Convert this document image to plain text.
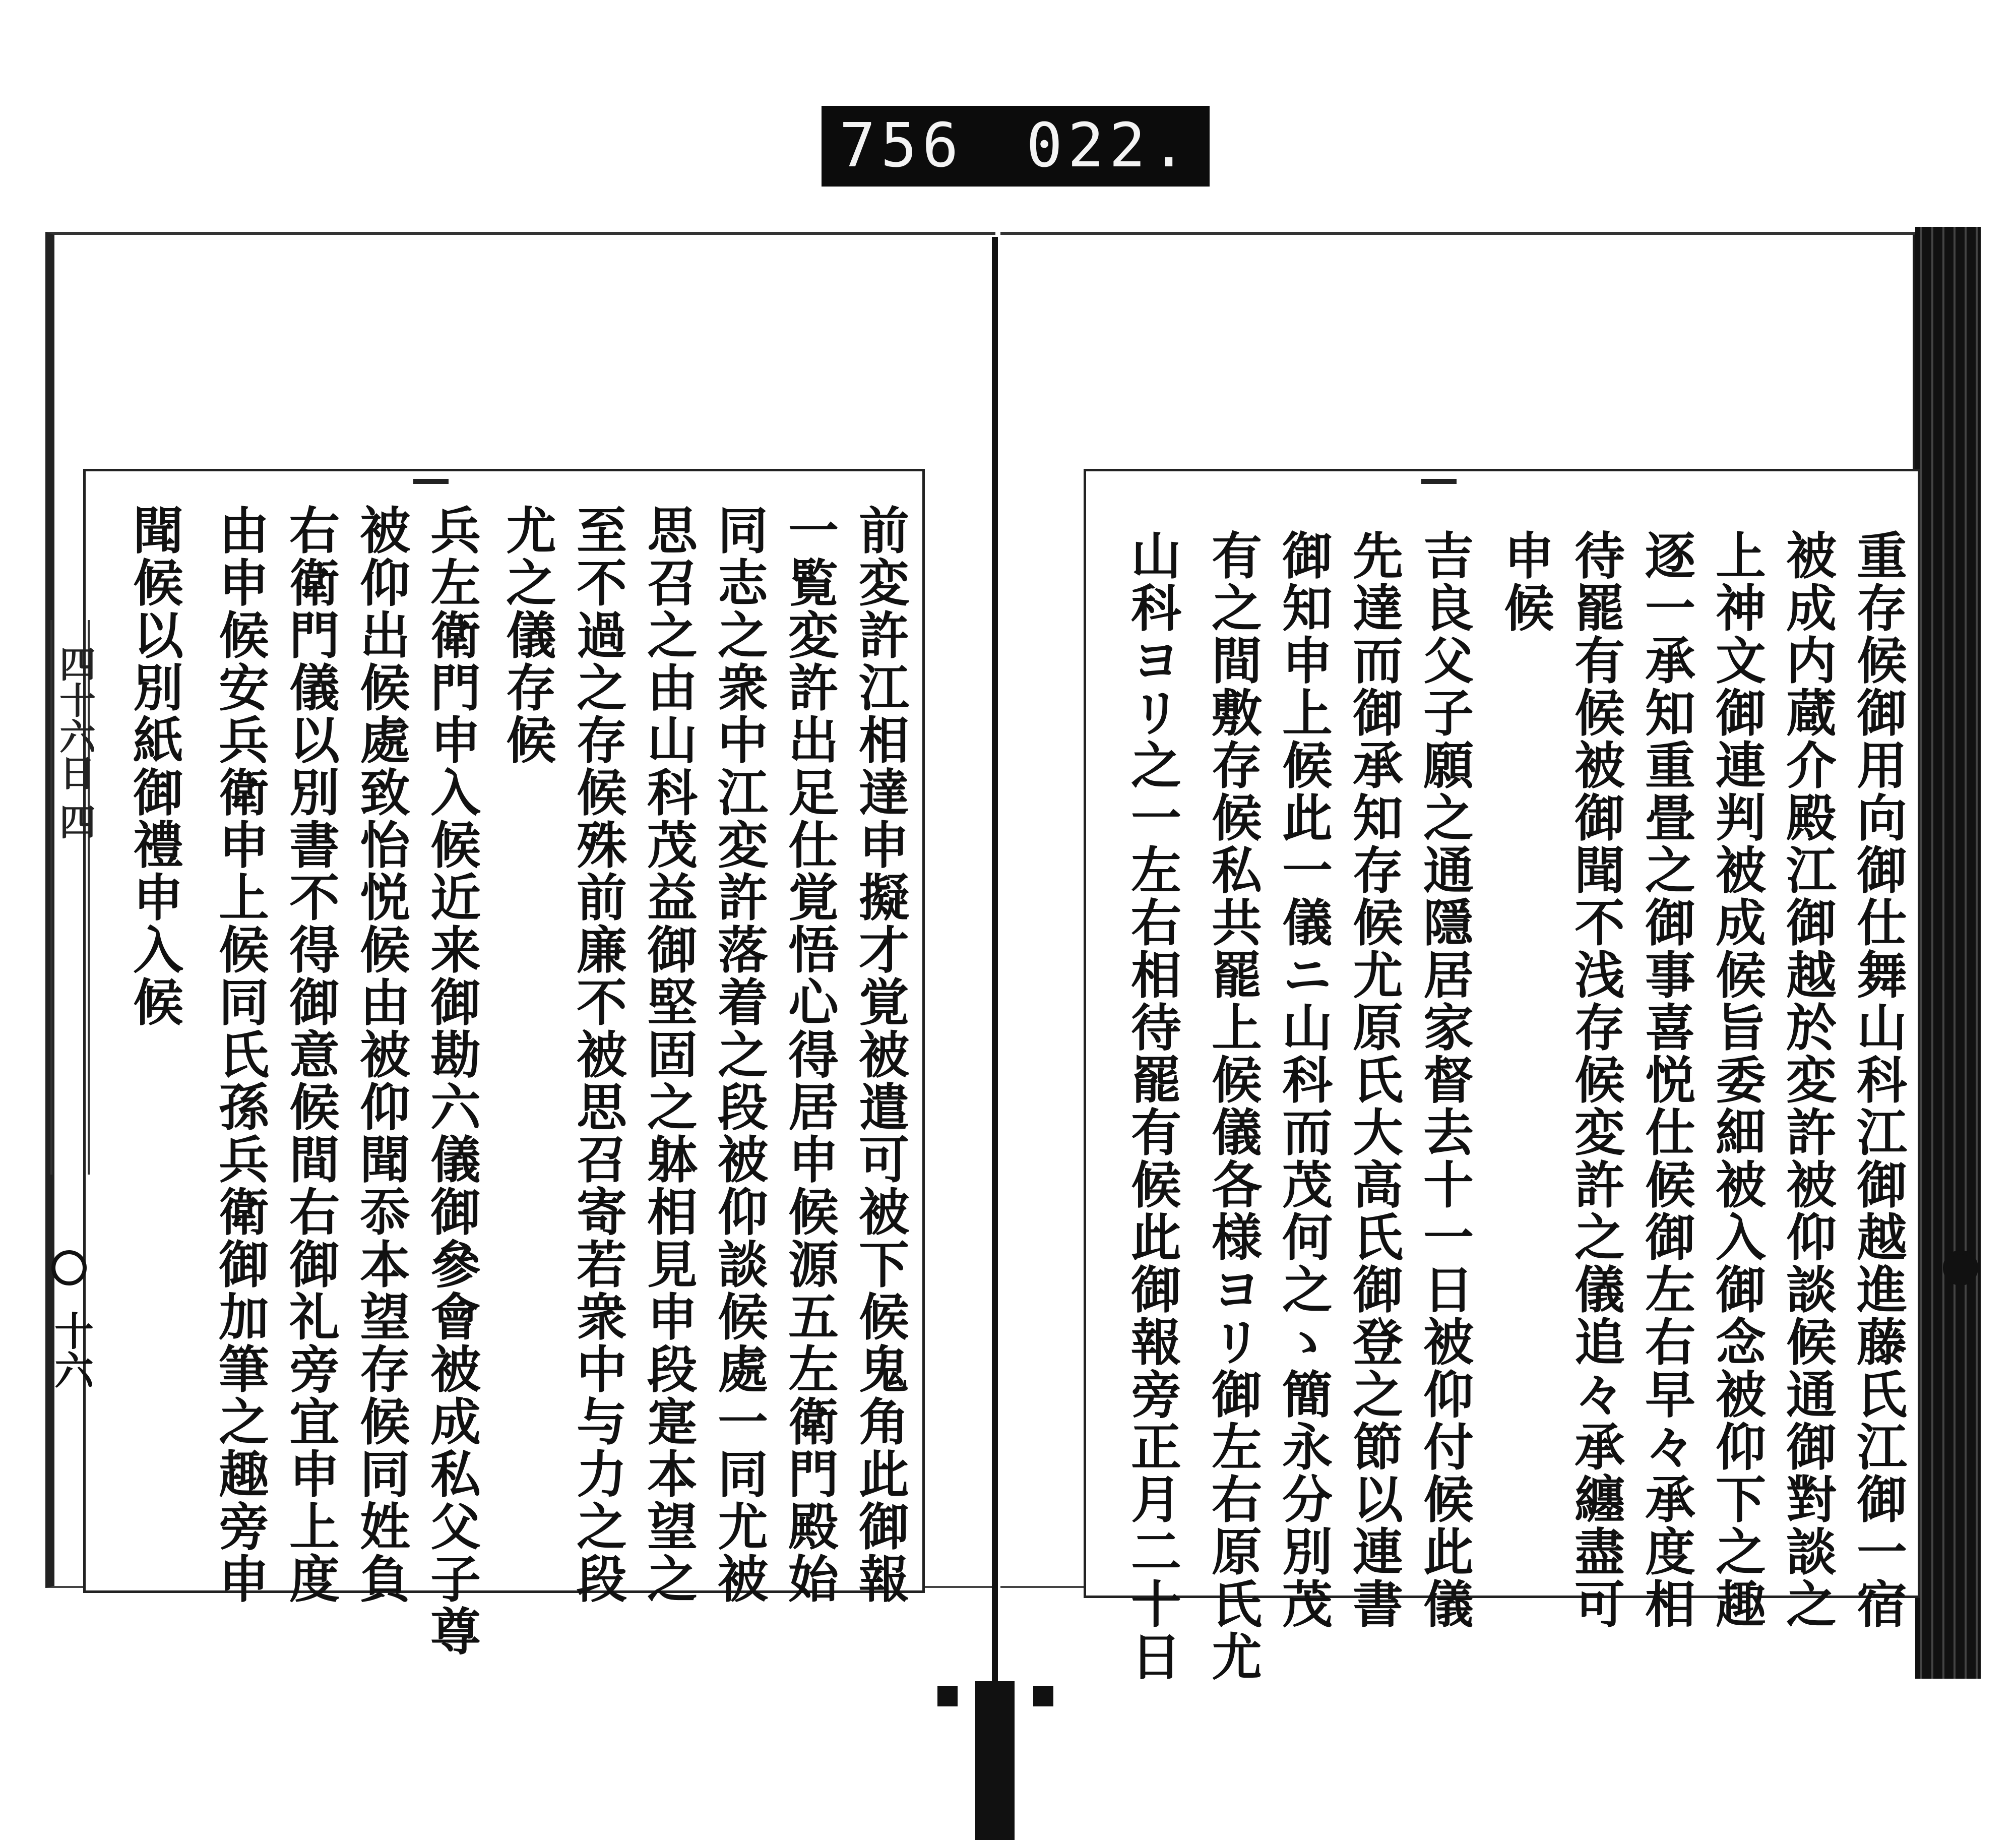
756 022.
四十六日 四
十六	前変許江相達申擬才覚被遣可被下候鬼角此御報
一覧変許出足仕覚悟心得居申候源五左衛門殿始
同志之衆中江変許落着之段被仰談候處一同尤被
思召之由山科茂益御堅固之躰相見申段寔本望之
至不過之存候殊前廉不被思召寄若衆中与力之段
尤之儀存候
兵左衛門申入候近来御勘六儀御參會被成私父子尊
被仰出候處致怡悦候由被仰聞忝本望存候同姓負
右衛門儀以別書不得御意候間右御礼旁宜申上度
由申候安兵衛申上候同氏孫兵衛御加筆之趣旁申
聞候以別紙御禮申入候	重存候御用向御仕舞山科江御越進藤氏江御一宿
被成内蔵介殿江御越於変許被仰談候通御對談之
上神文御連判被成候旨委細被入御念被仰下之趣
逐一承知重畳之御事喜悦仕候御左右早々承度相
待罷有候被御聞不浅存候変許之儀追々承纏盡可
申候
吉良父子願之通隱居家督去十一日被仰付候此儀
先達而御承知存候尤原氏大高氏御登之節以連書
御知申上候此一儀ニ山科而茂何之ゝ簡永分別茂
有之間敷存候私共罷上候儀各様ヨリ御左右原氏尤
山科ヨリ之一左右相待罷有候此御報旁正月二十日
